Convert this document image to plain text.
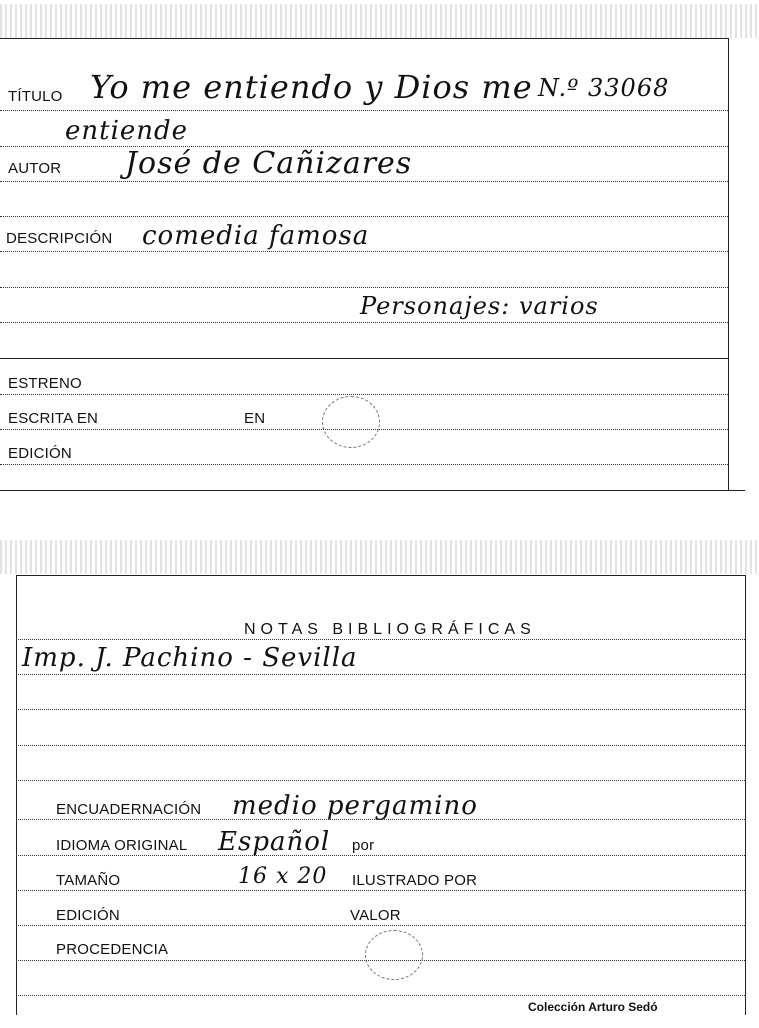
TÍTULO Yo me entiendo y Dios me N.º 33068
entiende
AUTOR José de Cañizares
DESCRIPCIÓN comedia famosa
Personajes: varios
ESTRENO
ESCRITA EN	EN
EDICIÓN
NOTAS BIBLIOGRÁFICAS
Imp. J. Pachino - Sevilla
ENCUADERNACIÓN medio pergamino
IDIOMA ORIGINAL Español por
TAMAÑO	16 x 20 ILUSTRADO POR
EDICIÓN	VALOR
PROCEDENCIA
Colección Arturo Sedó
